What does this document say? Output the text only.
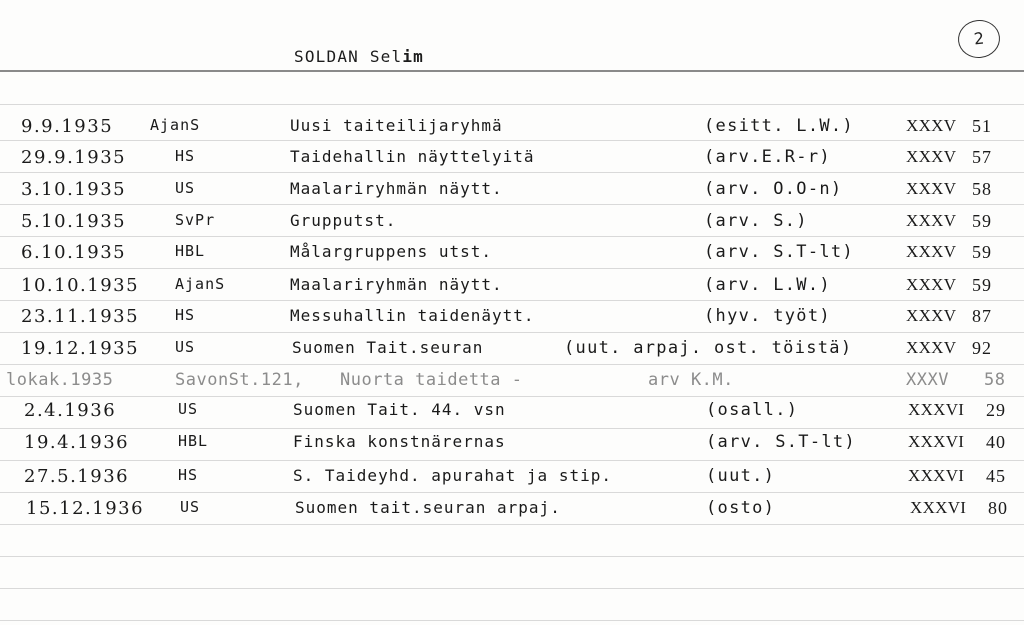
SOLDAN Selim
2
9.9.1935 AjanS	Uusi taiteilijaryhmä	(esitt. L.W.)	XXXV 51
29.9.1935	HS	Taidehallin näyttelyitä	(arv.E.R-r)	XXXV 57
3.10.1935	US	Maalariryhmän näytt.	(arv. O.O-n)	XXXV 58
5.10.1935	SvPr	Grupputst.	(arv. S.)	XXXV 59
6.10.1935	HBL	Målargruppens utst.	(arv. S.T-lt)	XXXV 59
10.10.1935 AjanS	Maalariryhmän näytt.	(arv. L.W.)	XXXV 59
23.11.1935 HS	Messuhallin taidenäytt.	(hyv. työt)	XXXV 87
19.12.1935 US	Suomen Tait.seuran	(uut. arpaj. ost. töistä)	XXXV 92
lokak.1935	SavonSt.121, Nuorta taidetta -	arv K.M.	XXXV 58
2.4.1936	US	Suomen Tait. 44. vsn	(osall.)	XXXVI 29
19.4.1936	HBL	Finska konstnärernas	(arv. S.T-lt)	XXXVI 40
27.5.1936	HS	S. Taideyhd. apurahat ja stip.	(uut.)	XXXVI 45
15.12.1936 US	Suomen tait.seuran arpaj.	(osto)	XXXVI 80
